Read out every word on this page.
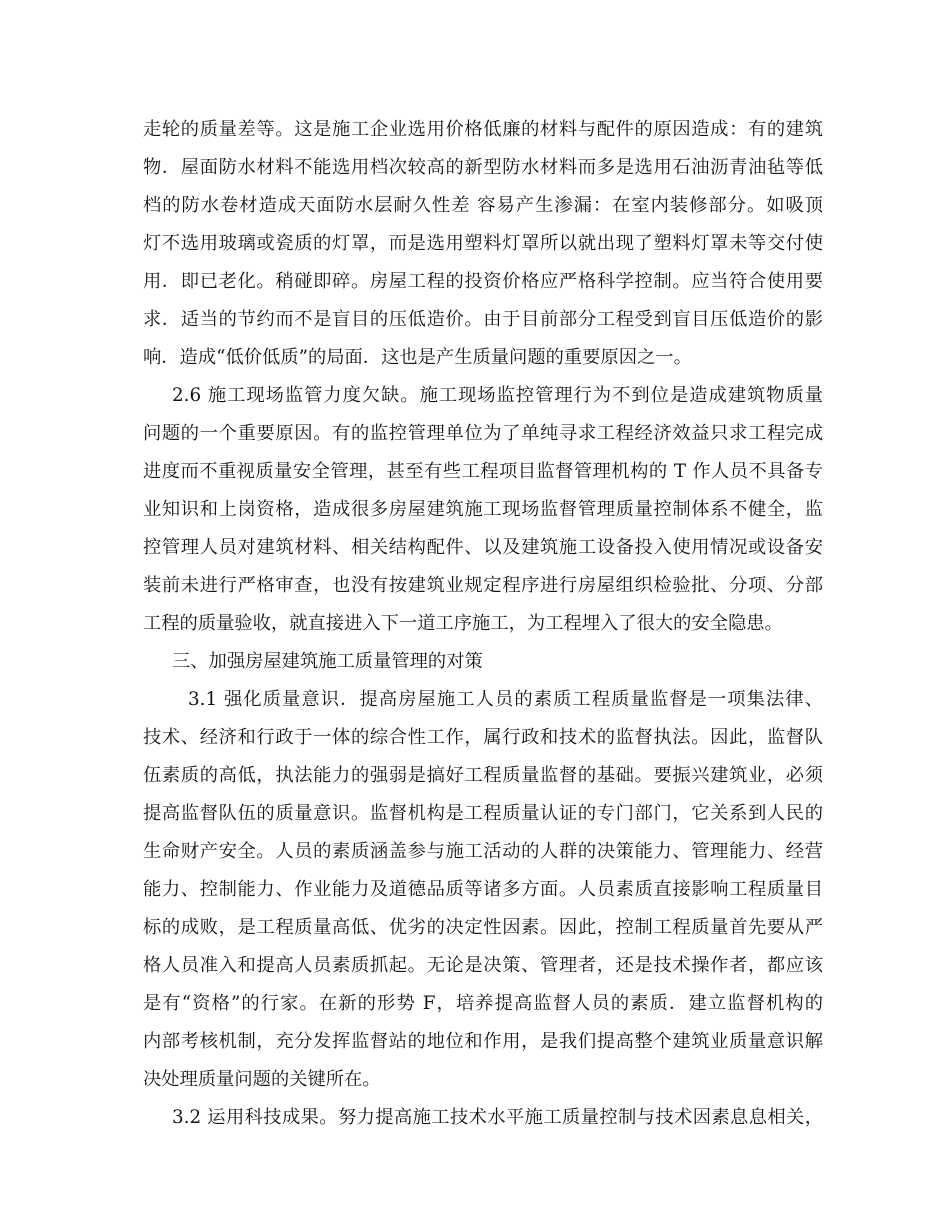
走轮的质量差等。这是施工企业选用价格低廉的材料与配件的原因造成：有的建筑
物．屋面防水材料不能选用档次较高的新型防水材料而多是选用石油沥青油毡等低
档的防水卷材造成天面防水层耐久性差 容易产生渗漏：在室内装修部分。如吸顶
灯不选用玻璃或瓷质的灯罩，而是选用塑料灯罩所以就出现了塑料灯罩未等交付使
用．即已老化。稍碰即碎。房屋工程的投资价格应严格科学控制。应当符合使用要
求．适当的节约而不是盲目的压低造价。由于目前部分工程受到盲目压低造价的影
响．造成“低价低质”的局面．这也是产生质量问题的重要原因之一。
2.6 施工现场监管力度欠缺。施工现场监控管理行为不到位是造成建筑物质量
问题的一个重要原因。有的监控管理单位为了单纯寻求工程经济效益只求工程完成
进度而不重视质量安全管理，甚至有些工程项目监督管理机构的 T 作人员不具备专
业知识和上岗资格，造成很多房屋建筑施工现场监督管理质量控制体系不健全，监
控管理人员对建筑材料、相关结构配件、以及建筑施工设备投入使用情况或设备安
装前未进行严格审查，也没有按建筑业规定程序进行房屋组织检验批、分项、分部
工程的质量验收，就直接进入下一道工序施工，为工程埋入了很大的安全隐患。
三、加强房屋建筑施工质量管理的对策
3.1 强化质量意识．提高房屋施工人员的素质工程质量监督是一项集法律、
技术、经济和行政于一体的综合性工作，属行政和技术的监督执法。因此，监督队
伍素质的高低，执法能力的强弱是搞好工程质量监督的基础。要振兴建筑业，必须
提高监督队伍的质量意识。监督机构是工程质量认证的专门部门，它关系到人民的
生命财产安全。人员的素质涵盖参与施工活动的人群的决策能力、管理能力、经营
能力、控制能力、作业能力及道德品质等诸多方面。人员素质直接影响工程质量目
标的成败，是工程质量高低、优劣的决定性因素。因此，控制工程质量首先要从严
格人员准入和提高人员素质抓起。无论是决策、管理者，还是技术操作者，都应该
是有“资格”的行家。在新的形势 F，培养提高监督人员的素质．建立监督机构的
内部考核机制，充分发挥监督站的地位和作用，是我们提高整个建筑业质量意识解
决处理质量问题的关键所在。
3.2 运用科技成果。努力提高施工技术水平施工质量控制与技术因素息息相关，
